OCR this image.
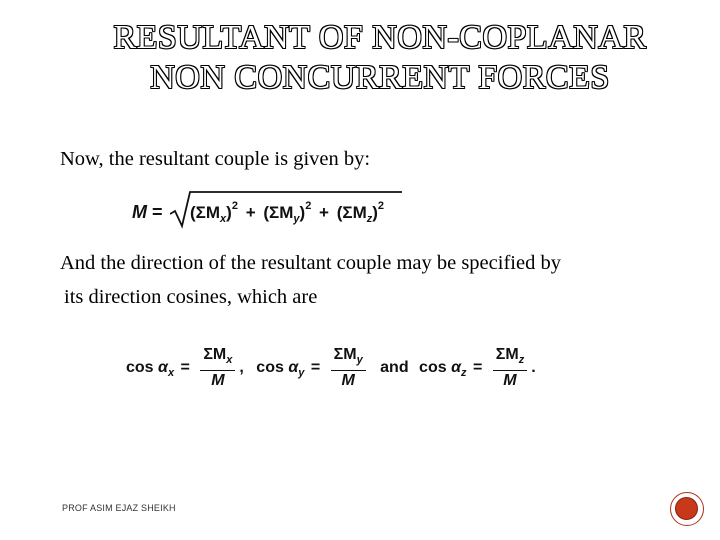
RESULTANT OF NON-COPLANAR
NON CONCURRENT FORCES
Now, the resultant couple is given by:
$M = (\Sigma M_x)^2 + (\Sigma M_y)^2 + (\Sigma M_z)^2$
And the direction of the resultant couple may be specified by
its direction cosines, which are
$\cos \alpha_x = \frac{\Sigma M_x}{M}$ , $\cos \alpha_y = \frac{\Sigma M_y}{M}$ and $\cos \alpha_z = \frac{\Sigma M_z}{M}$ .
PROF ASIM EJAZ SHEIKH
